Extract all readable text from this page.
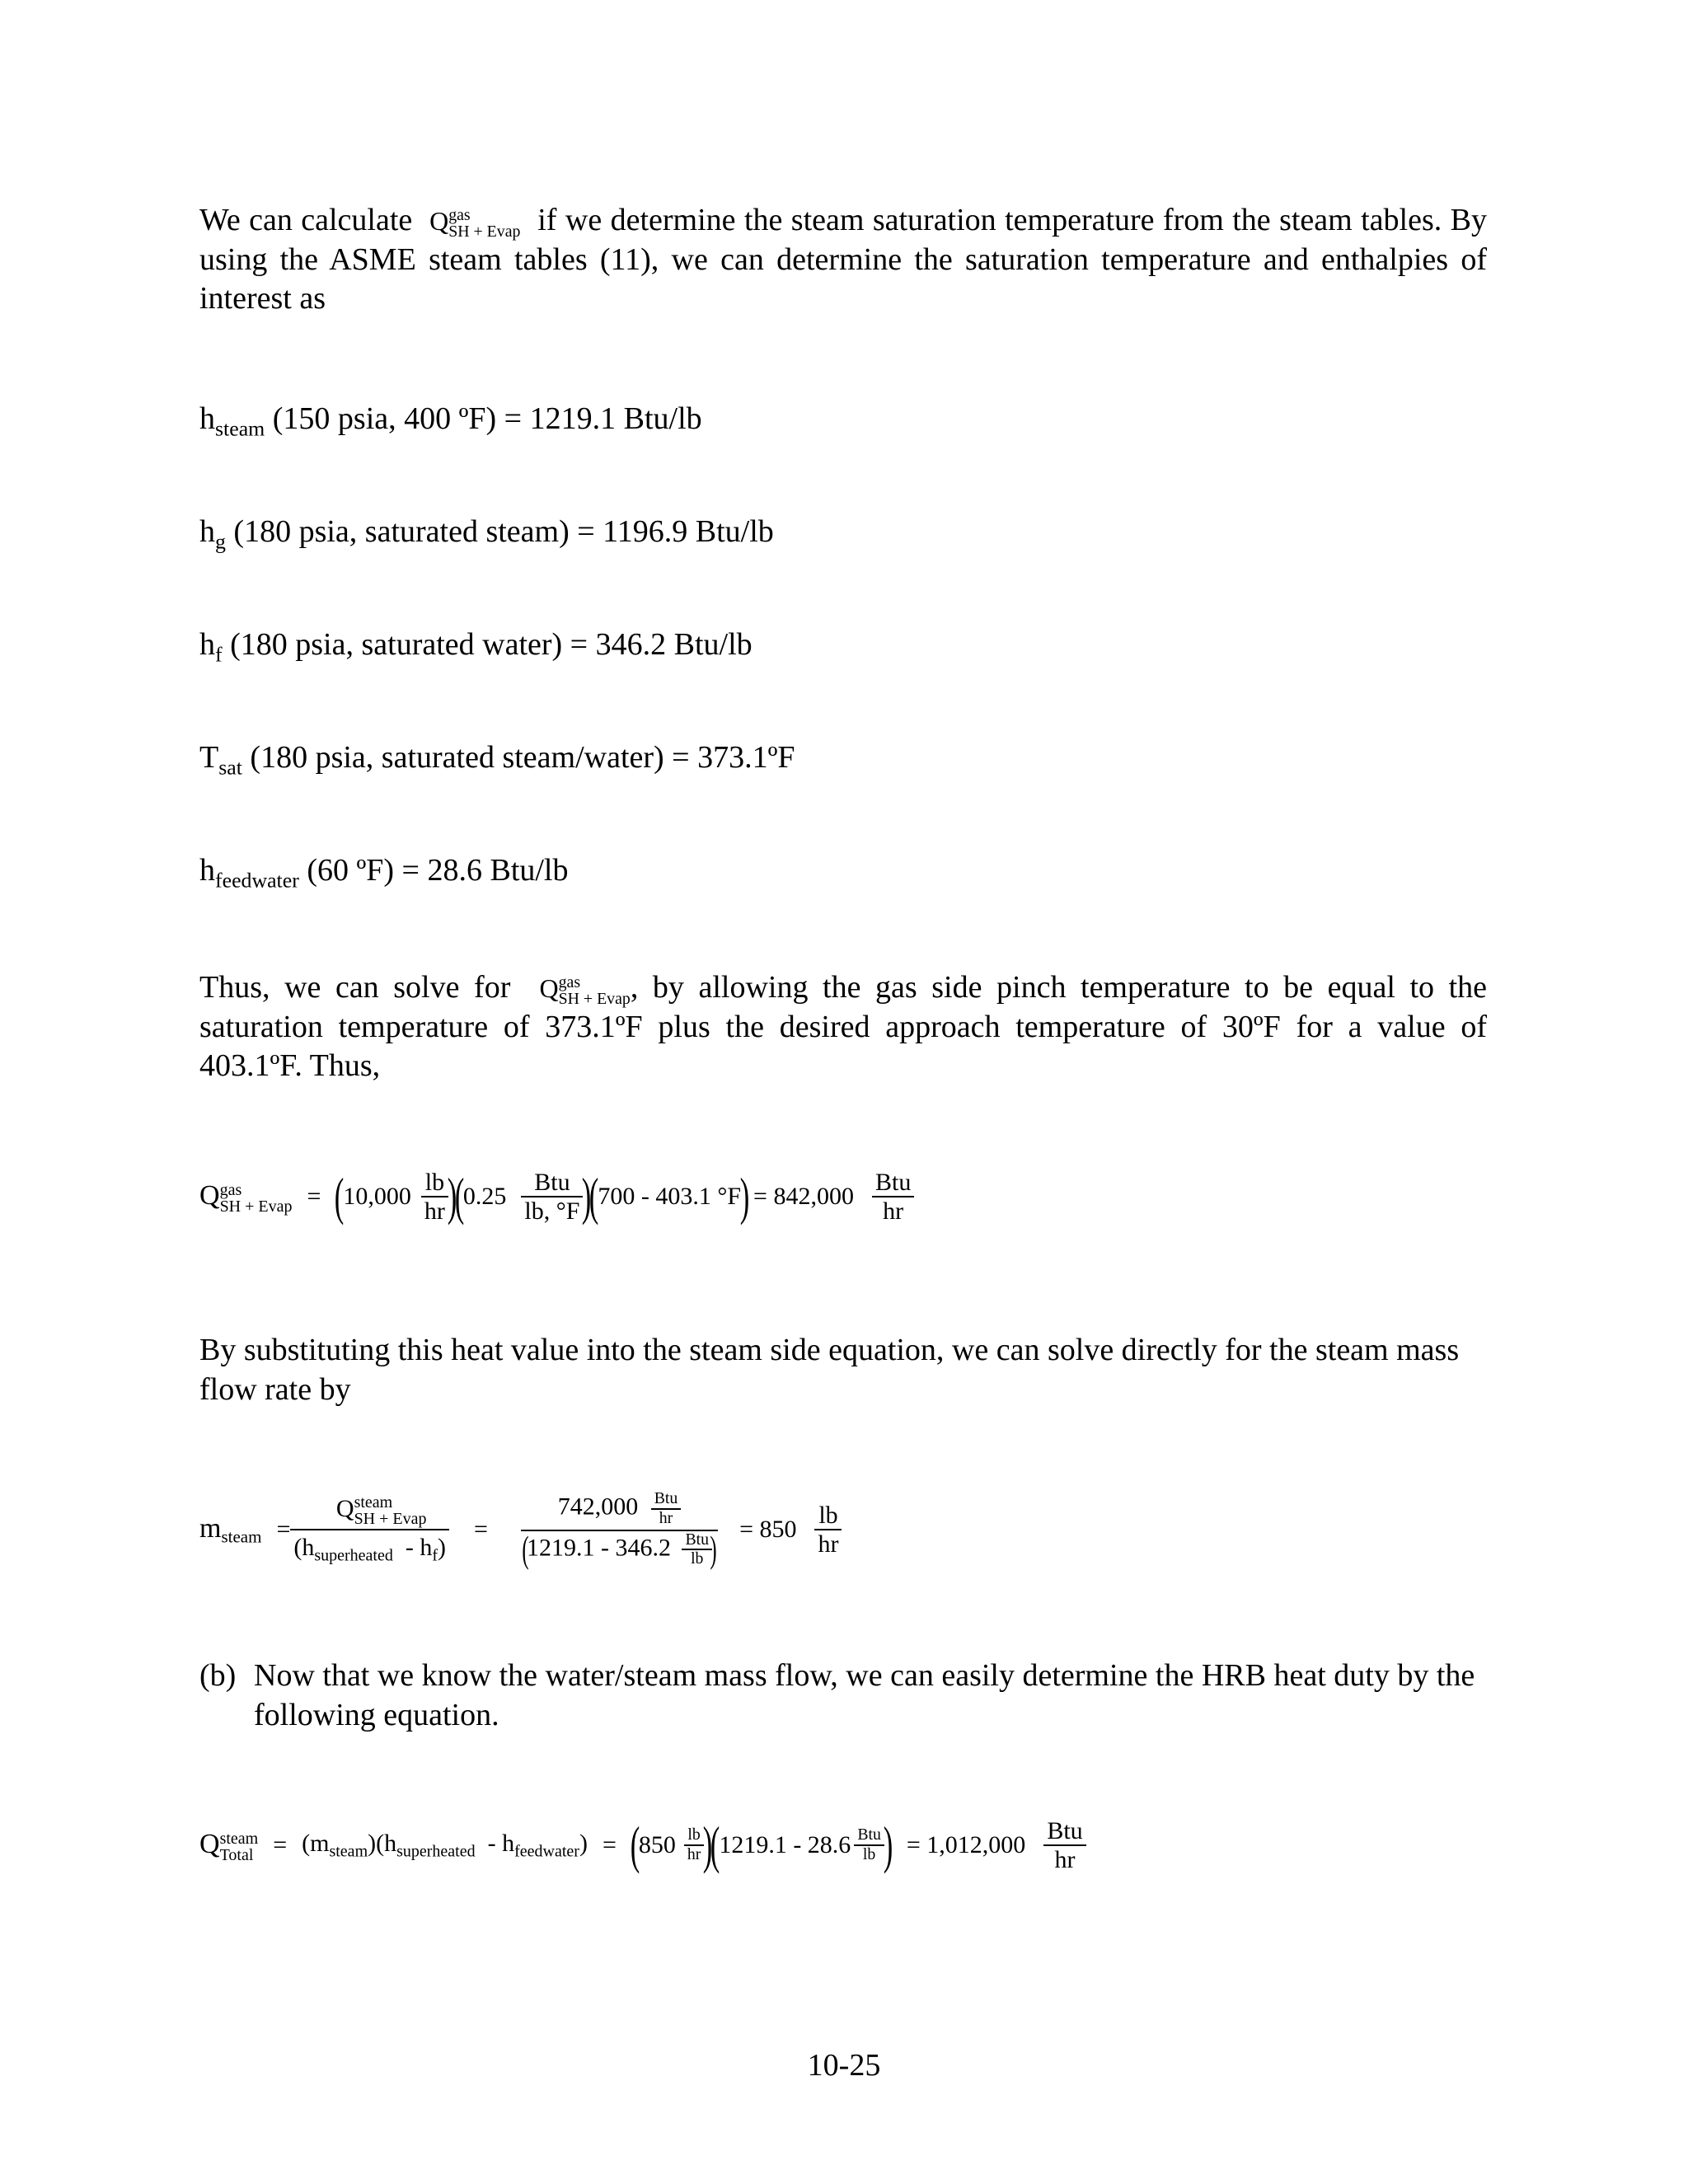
We can calculate Q gas
SH + Evap if we determine the steam saturation temperature from the steam tables. By using the ASME steam tables (11), we can determine the saturation temperature and enthalpies of interest as

$h_{steam}$ (150 psia, 400 ºF) = 1219.1 Btu/lb

$h_g$ (180 psia, saturated steam) = 1196.9 Btu/lb

$h_f$ (180 psia, saturated water) = 346.2 Btu/lb

$T_{sat}$ (180 psia, saturated steam/water) = 373.1ºF

$h_{feedwater}$ (60 ºF) = 28.6 Btu/lb

Thus, we can solve for Q gas
SH + Evap , by allowing the gas side pinch temperature to be equal to the saturation temperature of 373.1ºF plus the desired approach temperature of 30ºF for a value of 403.1ºF. Thus,

Q gas
SH + Evap = (
$10,000 \frac{lb}{hr}$
)
(
$0.25 \frac{\text{Btu}}{lb, ^\circ F}$
)
(
700 - 403.1 °F
) = $842,000 \frac{\text{Btu}}{hr}$

By substituting this heat value into the steam side equation, we can solve directly for the steam mass flow rate by

$m_{steam} = Q$ steam
SH + Evap
$(h_{superheated} - h_f) = 742,000 \frac{\text{Btu}}{hr}$
($1219.1 - 346.2 \frac{\text{Btu}}{lb}$
) = $850 \frac{lb}{hr}$
(b) Now that we know the water/steam mass flow, we can easily determine the HRB heat duty by the following equation.
Q steam
Total = $(m_{steam})(h_{superheated} - h_{feedwater})$ = (
$850 \frac{lb}{hr}$
)
(
$1219.1 - 28.6 \frac{\text{Btu}}{lb}$
) = $1,012,000 \frac{\text{Btu}}{hr}$
10-25
